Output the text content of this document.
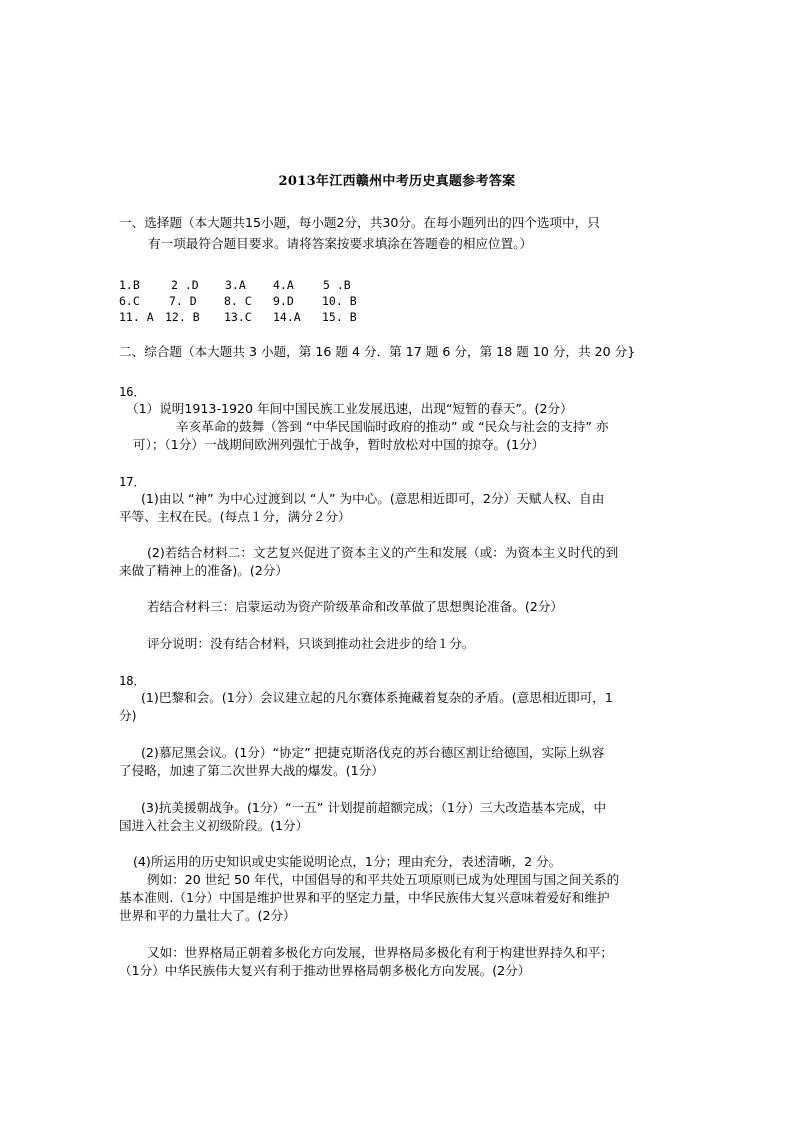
2013年江西赣州中考历史真题参考答案
一、选择题（本大题共15小题，每小题2分，共30分。在每小题列出的四个选项中，只
有一项最符合题目要求。请将答案按要求填涂在答题卷的相应位置。）
1.B	2 .D 3.A 4.A	5 .B
6.C	7. D 8. C 9.D 10. B
11. A 12. B 13.C 14.A 15. B
二、综合题（本大题共 3 小题，第 16 题 4 分．第 17 题 6 分，第 18 题 10 分，共 20 分}
16．
（1）说明1913-1920 年间中国民族工业发展迅速，出现“短暂的春天”。(2分）
辛亥革命的鼓舞（答到 “中华民国临时政府的推动” 或 “民众与社会的支持” 亦
可）；（1分）一战期间欧洲列强忙于战争，暂时放松对中国的掠夺。(1分）
17．
(1)由以 “神” 为中心过渡到以 “人” 为中心。(意思相近即可，2分）天赋人权、自由
平等、主权在民。(每点１分，满分２分）
(2)若结合材料二：文艺复兴促进了资本主义的产生和发展（或：为资本主义时代的到
来做了精神上的准备)。(2分）
若结合材料三：启蒙运动为资产阶级革命和改革做了思想舆论准备。(2分）
评分说明：没有结合材料，只谈到推动社会进步的给１分。
18．
(1)巴黎和会。(1分）会议建立起的凡尔赛体系掩藏着复杂的矛盾。(意思相近即可，1
分)
(2)慕尼黑会议。(1分）“协定” 把捷克斯洛伐克的苏台德区割让给德国，实际上纵容
了侵略，加速了第二次世界大战的爆发。(1分）
(3)抗美援朝战争。(1分）“一五” 计划提前超额完成；（1分）三大改造基本完成，中
国进入社会主义初级阶段。(1分）
(4)所运用的历史知识或史实能说明论点，1分；理由充分，表述清晰，2 分。
例如：20 世纪 50 年代，中国倡导的和平共处五项原则已成为处理国与国之间关系的
基本准则.（1分）中国是维护世界和平的坚定力量，中华民族伟大复兴意味着爱好和维护
世界和平的力量壮大了。(2分）
又如：世界格局正朝着多极化方向发展，世界格局多极化有利于构建世界持久和平；
（1分）中华民族伟大复兴有利于推动世界格局朝多极化方向发展。(2分）
